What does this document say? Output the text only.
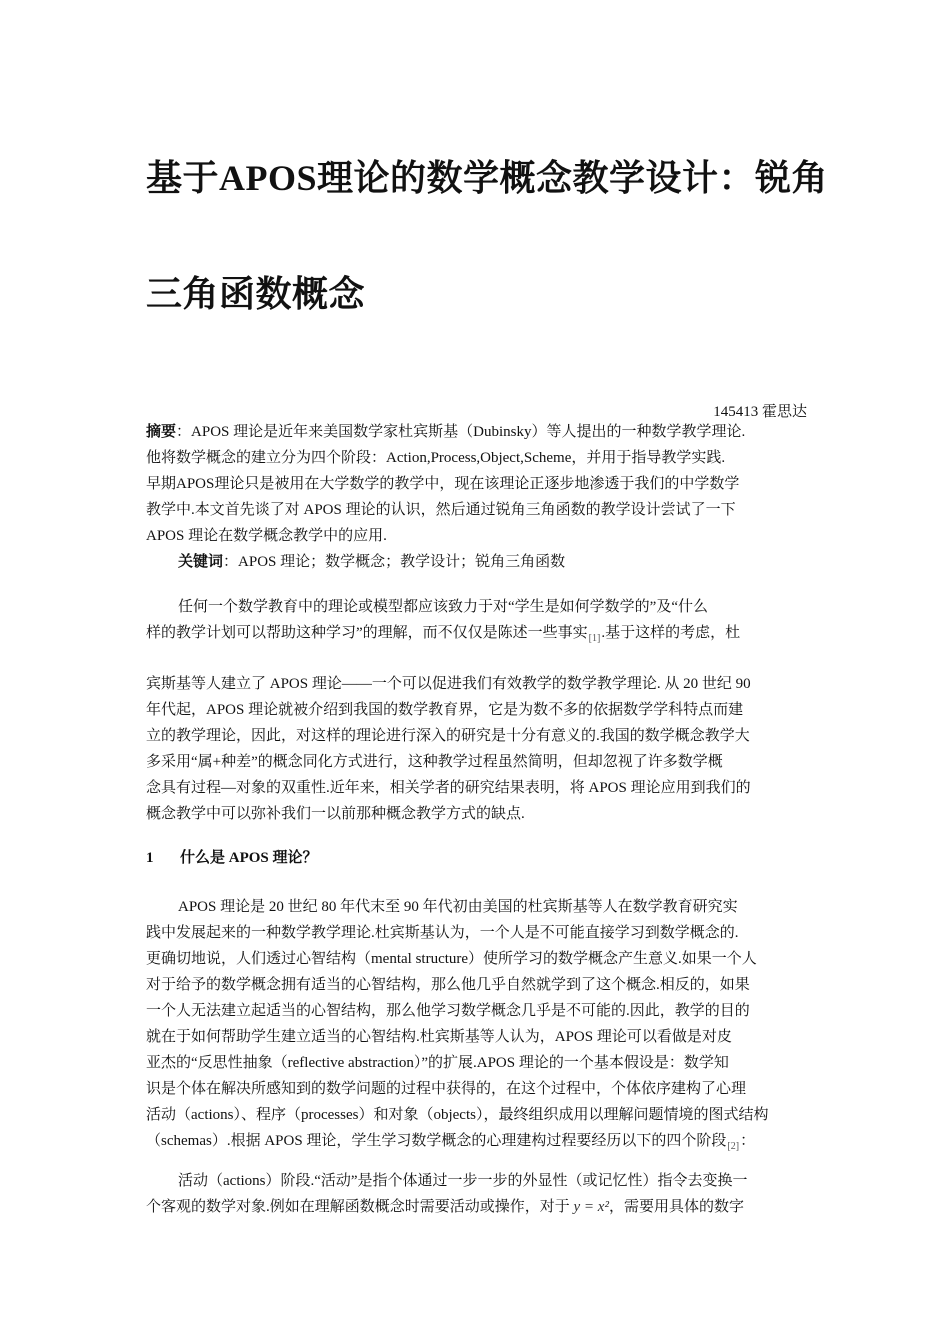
基于APOS理论的数学概念教学设计：锐角
三角函数概念
145413 霍思达
摘要：APOS 理论是近年来美国数学家杜宾斯基（Dubinsky）等人提出的一种数学教学理论.
他将数学概念的建立分为四个阶段：Action,Process,Object,Scheme，并用于指导教学实践.
早期APOS理论只是被用在大学数学的教学中，现在该理论正逐步地渗透于我们的中学数学
教学中.本文首先谈了对 APOS 理论的认识，然后通过锐角三角函数的教学设计尝试了一下
APOS 理论在数学概念教学中的应用.
关键词：APOS 理论；数学概念；教学设计；锐角三角函数
任何一个数学教育中的理论或模型都应该致力于对“学生是如何学数学的”及“什么
样的教学计划可以帮助这种学习”的理解，而不仅仅是陈述一些事实$_{[1]}$.基于这样的考虑，杜
宾斯基等人建立了 APOS 理论——一个可以促进我们有效教学的数学教学理论. 从 20 世纪 90
年代起，APOS 理论就被介绍到我国的数学教育界，它是为数不多的依据数学学科特点而建
立的教学理论，因此，对这样的理论进行深入的研究是十分有意义的.我国的数学概念教学大
多采用“属+种差”的概念同化方式进行，这种教学过程虽然简明，但却忽视了许多数学概
念具有过程—对象的双重性.近年来，相关学者的研究结果表明，将 APOS 理论应用到我们的
概念教学中可以弥补我们一以前那种概念教学方式的缺点.
1 什么是 APOS 理论？
APOS 理论是 20 世纪 80 年代末至 90 年代初由美国的杜宾斯基等人在数学教育研究实
践中发展起来的一种数学教学理论.杜宾斯基认为，一个人是不可能直接学习到数学概念的.
更确切地说，人们透过心智结构（mental structure）使所学习的数学概念产生意义.如果一个人
对于给予的数学概念拥有适当的心智结构，那么他几乎自然就学到了这个概念.相反的，如果
一个人无法建立起适当的心智结构，那么他学习数学概念几乎是不可能的.因此，教学的目的
就在于如何帮助学生建立适当的心智结构.杜宾斯基等人认为，APOS 理论可以看做是对皮
亚杰的“反思性抽象（reflective abstraction）”的扩展.APOS 理论的一个基本假设是：数学知
识是个体在解决所感知到的数学问题的过程中获得的，在这个过程中，个体依序建构了心理
活动（actions）、程序（processes）和对象（objects），最终组织成用以理解问题情境的图式结构
（schemas）.根据 APOS 理论，学生学习数学概念的心理建构过程要经历以下的四个阶段$_{[2]}$：
活动（actions）阶段.“活动”是指个体通过一步一步的外显性（或记忆性）指令去变换一
个客观的数学对象.例如在理解函数概念时需要活动或操作，对于 y = x²，需要用具体的数字
